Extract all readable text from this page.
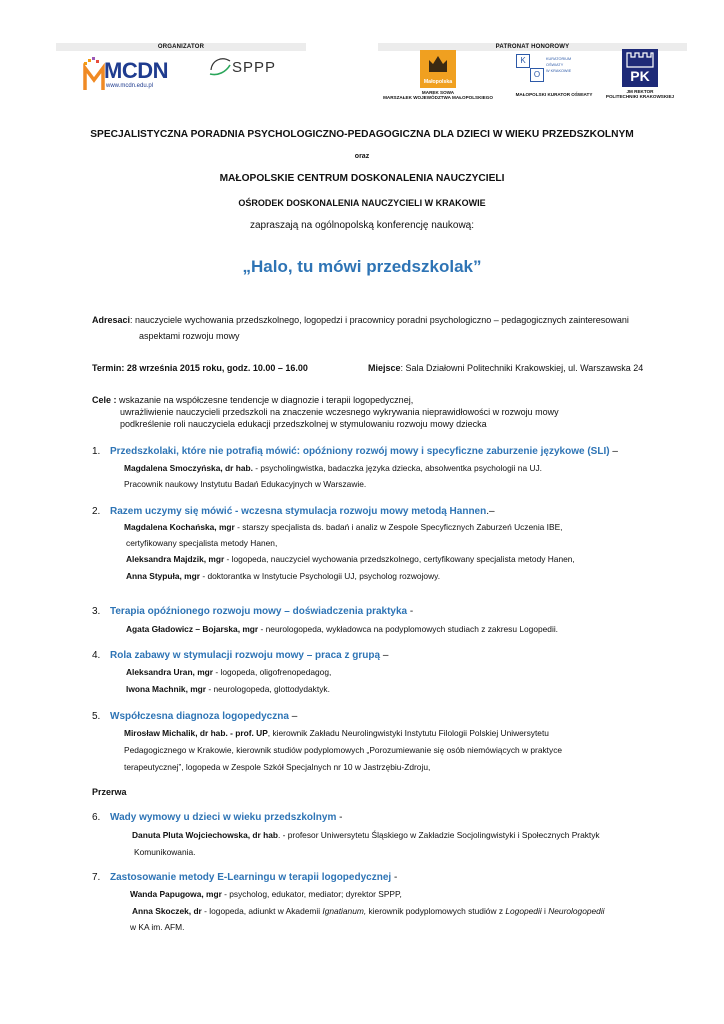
ORGANIZATOR	PATRONAT HONOROWY
MCDN
www.mcdn.edu.pl
SPPP
Małopolska
MAREK SOWA
MARSZAŁEK WOJEWÓDZTWA MAŁOPOLSKIEGO
K
O
KURATORIUM
OŚWIATY
W KRAKOWIE
MAŁOPOLSKI KURATOR OŚWIATY
PK
JM REKTOR
POLITECHNIKI KRAKOWSKIEJ
SPECJALISTYCZNA PORADNIA PSYCHOLOGICZNO-PEDAGOGICZNA DLA DZIECI W WIEKU PRZEDSZKOLNYM
oraz
MAŁOPOLSKIE CENTRUM DOSKONALENIA NAUCZYCIELI
OŚRODEK DOSKONALENIA NAUCZYCIELI W KRAKOWIE
zapraszają na ogólnopolską konferencję naukową:
„Halo, tu mówi przedszkolak”
Adresaci: nauczyciele wychowania przedszkolnego, logopedzi i pracownicy poradni psychologiczno – pedagogicznych zainteresowani
aspektami rozwoju mowy
Termin: 28 września 2015 roku, godz. 10.00 – 16.00	Miejsce: Sala Działowni Politechniki Krakowskiej, ul. Warszawska 24
Cele : wskazanie na współczesne tendencje w diagnozie i terapii logopedycznej,
uwrażliwienie nauczycieli przedszkoli na znaczenie wczesnego wykrywania nieprawidłowości w rozwoju mowy
podkreślenie roli nauczyciela edukacji przedszkolnej w stymulowaniu rozwoju mowy dziecka
1. Przedszkolaki, które nie potrafią mówić: opóźniony rozwój mowy i specyficzne zaburzenie językowe (SLI) –
Magdalena Smoczyńska, dr hab. - psycholingwistka, badaczka języka dziecka, absolwentka psychologii na UJ.
Pracownik naukowy Instytutu Badań Edukacyjnych w Warszawie.
2. Razem uczymy się mówić - wczesna stymulacja rozwoju mowy metodą Hannen.–
Magdalena Kochańska, mgr - starszy specjalista ds. badań i analiz w Zespole Specyficznych Zaburzeń Uczenia IBE,
certyfikowany specjalista metody Hanen,
Aleksandra Majdzik, mgr - logopeda, nauczyciel wychowania przedszkolnego, certyfikowany specjalista metody Hanen,
Anna Stypuła, mgr - doktorantka w Instytucie Psychologii UJ, psycholog rozwojowy.
3. Terapia opóźnionego rozwoju mowy – doświadczenia praktyka -
Agata Gładowicz – Bojarska, mgr - neurologopeda, wykładowca na podyplomowych studiach z zakresu Logopedii.
4. Rola zabawy w stymulacji rozwoju mowy – praca z grupą –
Aleksandra Uran, mgr - logopeda, oligofrenopedagog,
Iwona Machnik, mgr - neurologopeda, glottodydaktyk.
5. Współczesna diagnoza logopedyczna –
Mirosław Michalik, dr hab. - prof. UP, kierownik Zakładu Neurolingwistyki Instytutu Filologii Polskiej Uniwersytetu
Pedagogicznego w Krakowie, kierownik studiów podyplomowych „Porozumiewanie się osób niemówiących w praktyce
terapeutycznej”, logopeda w Zespole Szkół Specjalnych nr 10 w Jastrzębiu-Zdroju,
Przerwa
6. Wady wymowy u dzieci w wieku przedszkolnym -
Danuta Pluta Wojciechowska, dr hab. - profesor Uniwersytetu Śląskiego w Zakładzie Socjolingwistyki i Społecznych Praktyk
Komunikowania.
7. Zastosowanie metody E-Learningu w terapii logopedycznej -
Wanda Papugowa, mgr - psycholog, edukator, mediator; dyrektor SPPP,
Anna Skoczek, dr - logopeda, adiunkt w Akademii Ignatianum, kierownik podyplomowych studiów z Logopedii i Neurologopedii
w KA im. AFM.
